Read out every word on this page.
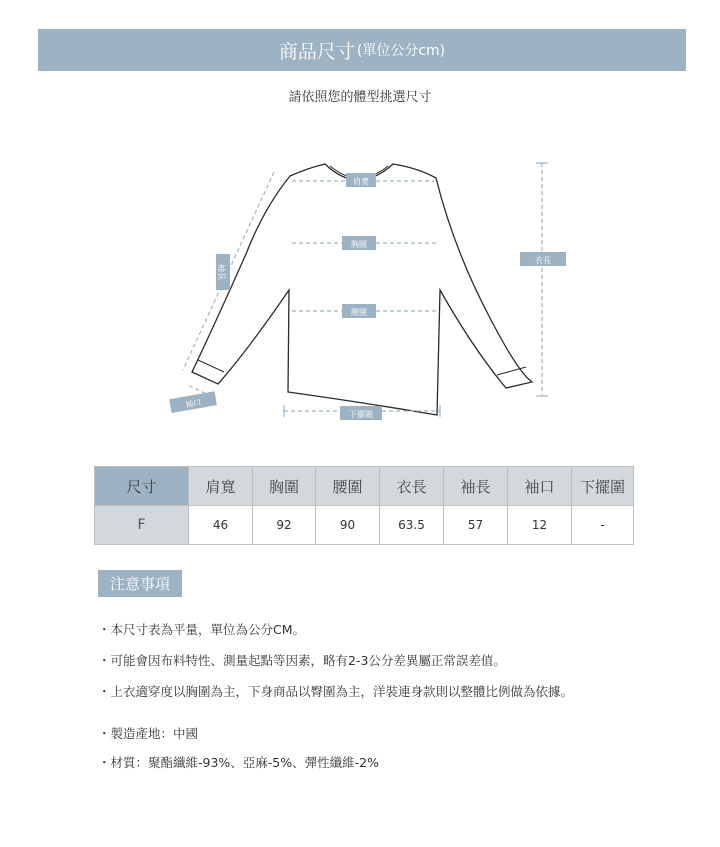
商品尺寸 (單位公分cm)
請依照您的體型挑選尺寸
肩寬
胸圍
腰圍
下擺圍
衣長
袖長
袖口
尺寸	肩寬	胸圍	腰圍	衣長	袖長	袖口	下擺圍
F	46	92	90	63.5	57	12	-
注意事項
・本尺寸表為平量，單位為公分CM。
・可能會因布料特性、測量起點等因素，略有2-3公分差異屬正常誤差值。
・上衣適穿度以胸圍為主，下身商品以臀圍為主，洋裝連身款則以整體比例做為依據。
・製造產地：中國
・材質：聚酯纖維-93%、亞麻-5%、彈性纖維-2%
